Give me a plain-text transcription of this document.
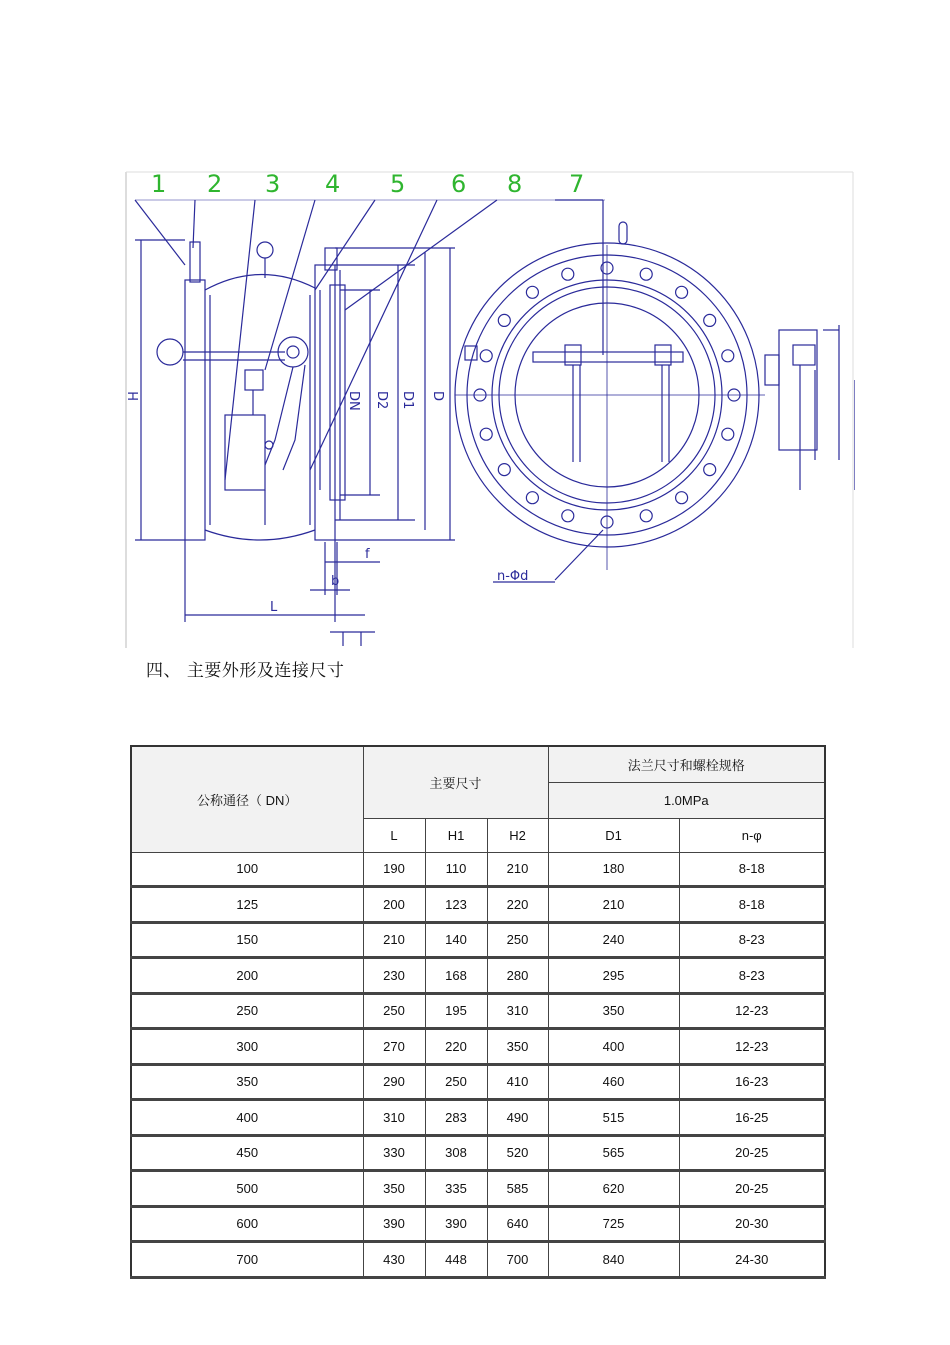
1 2 3 4 5 6 8 7
H	DN D2 D1 D
f
b
L
n-Φd
四、 主要外形及连接尺寸
公称通径（ DN）	主要尺寸			法兰尺寸和螺栓规格	
				1.0MPa	
	L	H1	H2	D1	n-φ
100	190	110	210	180	8-18
125	200	123	220	210	8-18
150	210	140	250	240	8-23
200	230	168	280	295	8-23
250	250	195	310	350	12-23
300	270	220	350	400	12-23
350	290	250	410	460	16-23
400	310	283	490	515	16-25
450	330	308	520	565	20-25
500	350	335	585	620	20-25
600	390	390	640	725	20-30
700	430	448	700	840	24-30
